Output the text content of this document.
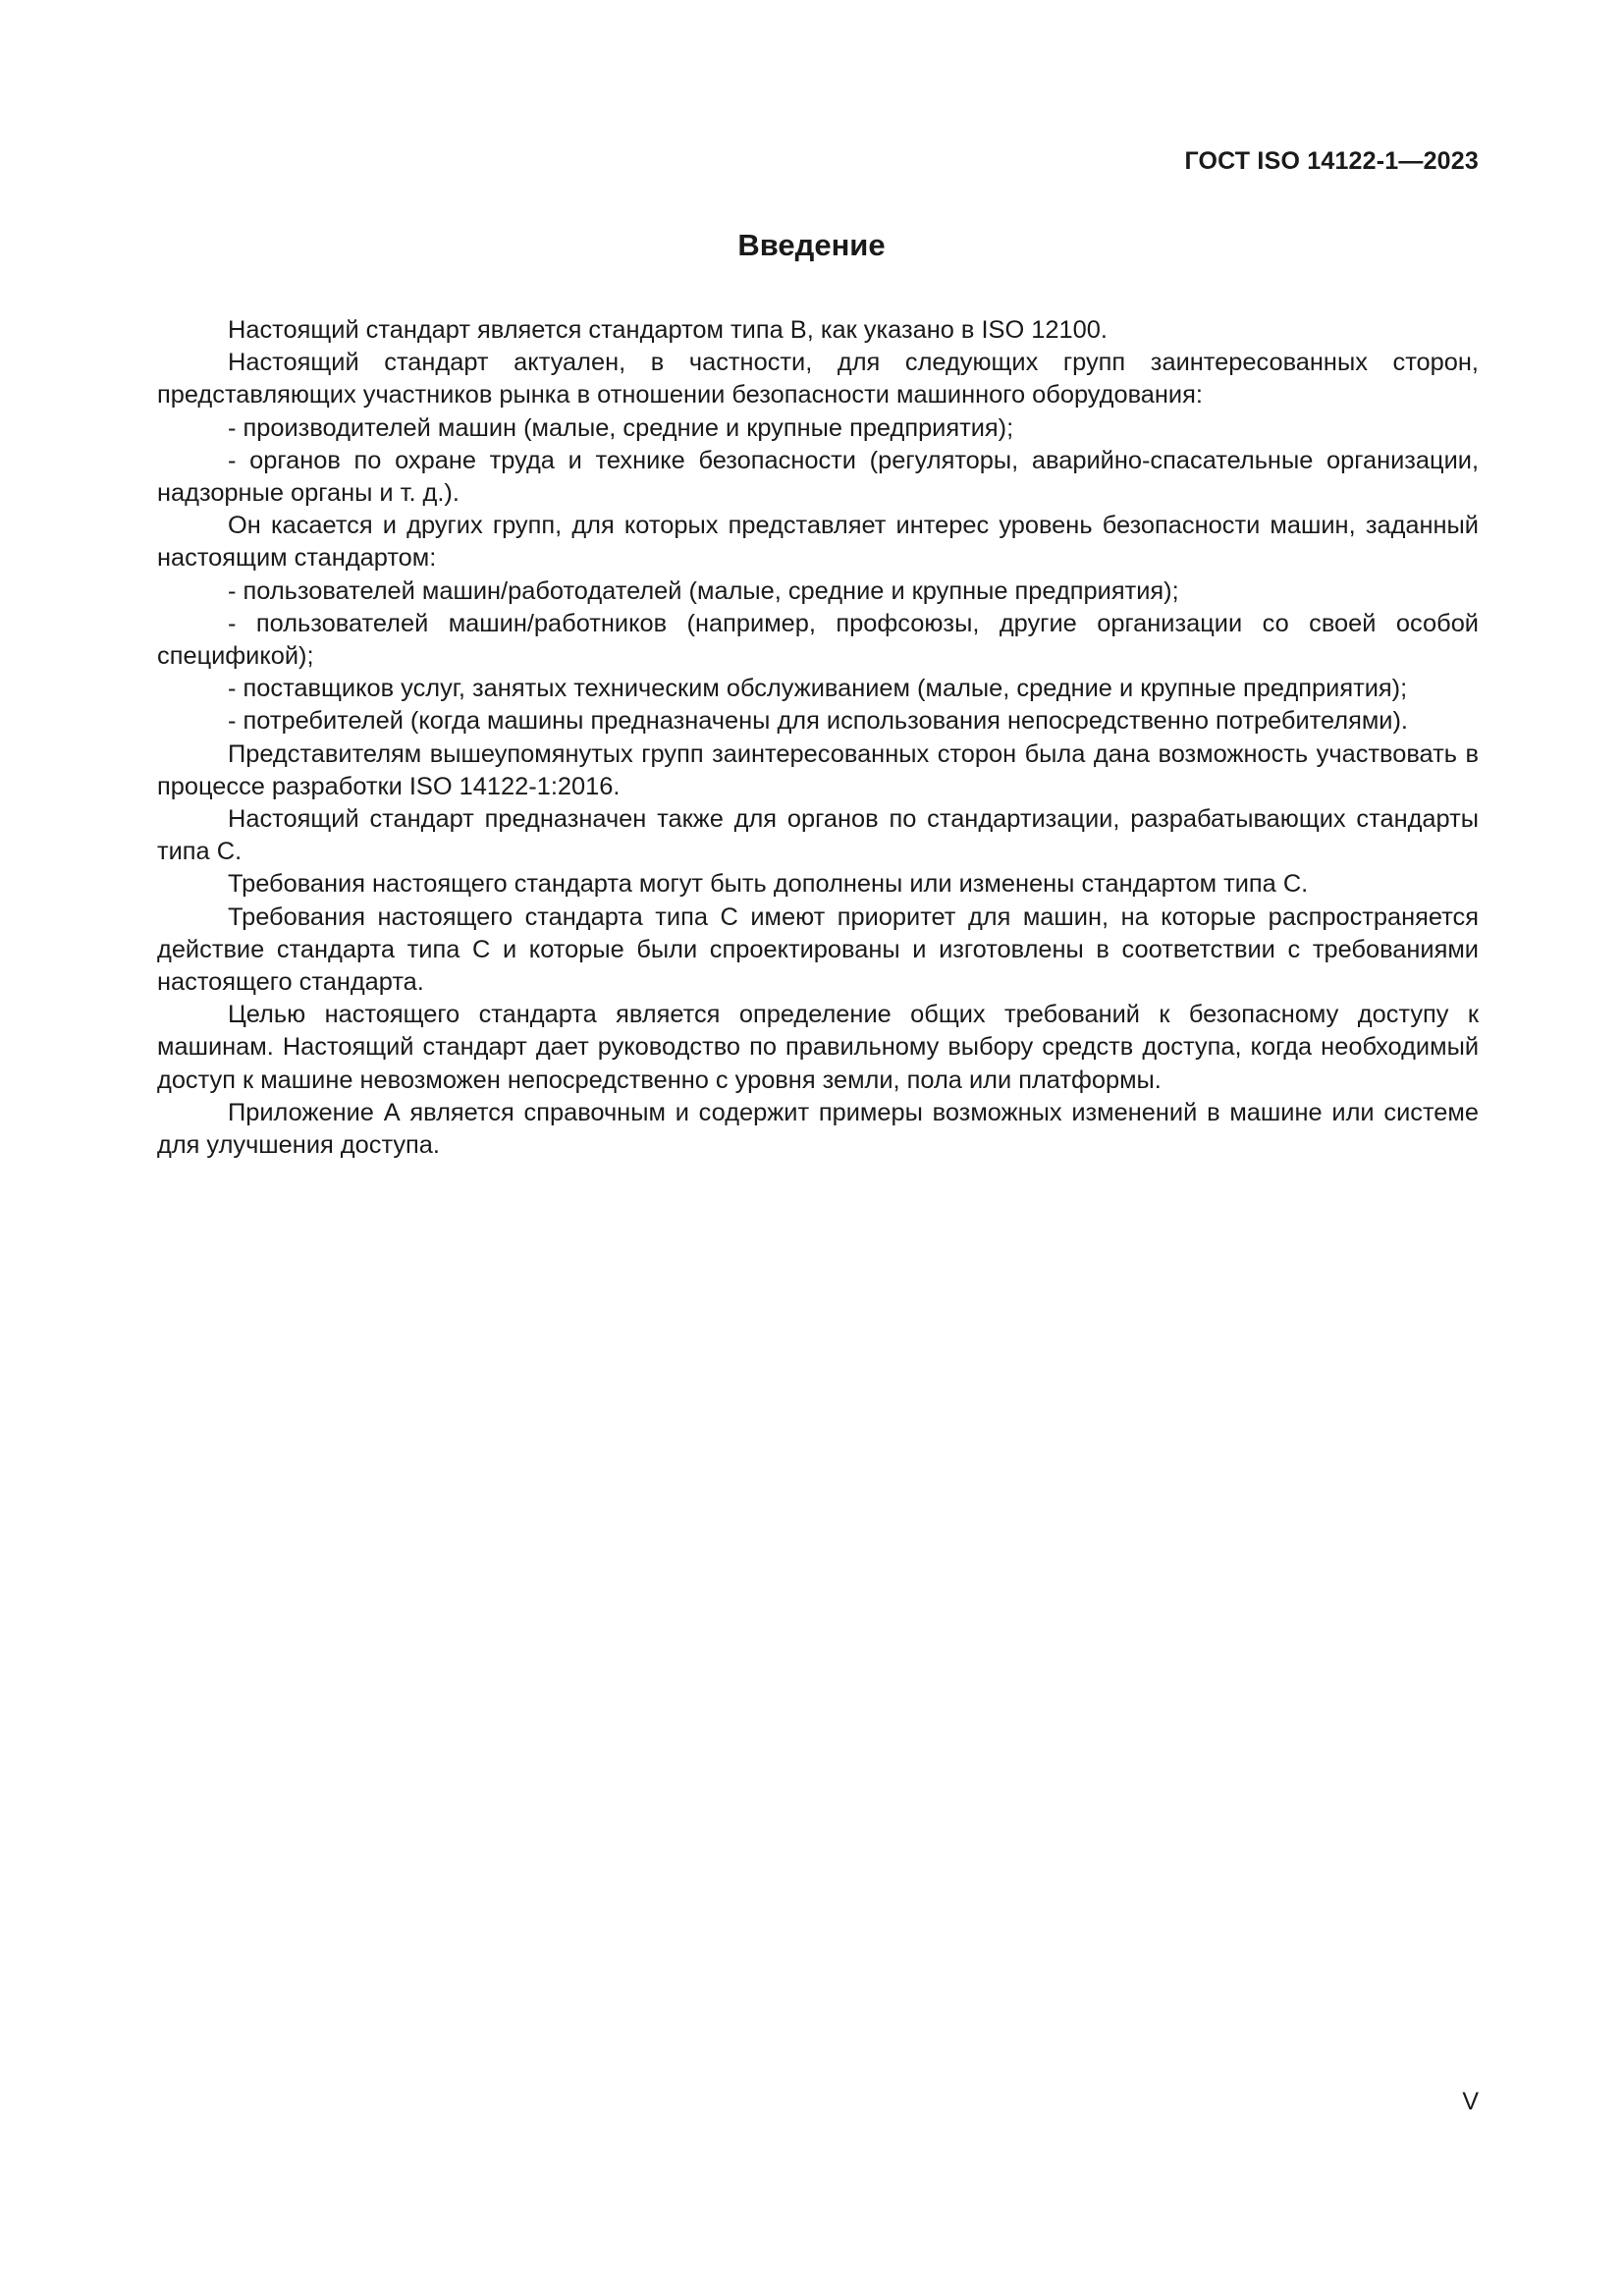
ГОСТ ISO 14122-1—2023
Введение

Настоящий стандарт является стандартом типа B, как указано в ISO 12100.

Настоящий стандарт актуален, в частности, для следующих групп заинтересованных сторон, представляющих участников рынка в отношении безопасности машинного оборудования:

- производителей машин (малые, средние и крупные предприятия);

- органов по охране труда и технике безопасности (регуляторы, аварийно-спасательные организации, надзорные органы и т. д.).

Он касается и других групп, для которых представляет интерес уровень безопасности машин, заданный настоящим стандартом:

- пользователей машин/работодателей (малые, средние и крупные предприятия);

- пользователей машин/работников (например, профсоюзы, другие организации со своей особой спецификой);

- поставщиков услуг, занятых техническим обслуживанием (малые, средние и крупные предприятия);

- потребителей (когда машины предназначены для использования непосредственно потребителями).

Представителям вышеупомянутых групп заинтересованных сторон была дана возможность участвовать в процессе разработки ISO 14122-1:2016.

Настоящий стандарт предназначен также для органов по стандартизации, разрабатывающих стандарты типа С.

Требования настоящего стандарта могут быть дополнены или изменены стандартом типа С.

Требования настоящего стандарта типа С имеют приоритет для машин, на которые распространяется действие стандарта типа С и которые были спроектированы и изготовлены в соответствии с требованиями настоящего стандарта.

Целью настоящего стандарта является определение общих требований к безопасному доступу к машинам. Настоящий стандарт дает руководство по правильному выбору средств доступа, когда необходимый доступ к машине невозможен непосредственно с уровня земли, пола или платформы.

Приложение А является справочным и содержит примеры возможных изменений в машине или системе для улучшения доступа.

V
